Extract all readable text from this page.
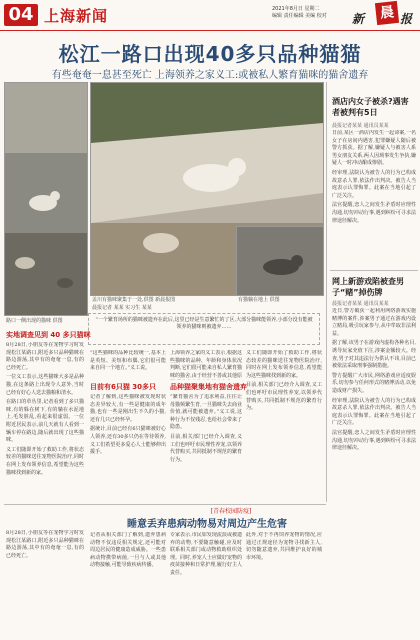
04 上海新闻	2021年8月日 星期二
编辑 责任编辑 美编 校对	新	晨 报
松江一路口出现40多只品种猫猫
有些奄奄一息甚至死亡 上海领养之家义工:或被私人繁育猫咪的猫舍遗弃
路口一侧出现的猫咪 供图
盖川有猫咪聚集于一处,供图 新晨报图
晨报记者 某某 实习生 某某
有猫躺在地上 供图
“一个繁育场所的猫咪被遗弃在此后,这里已经是生意繁忙的了区,大部分猫咪能领养,小部分没有能被领养的猫咪则被遗弃……
实地调查见到 40 多只猫咪

8月28日,小朋友等在宠物学习时发现松江某路口,附近多只品种猫咪在路边游荡,其中有的奄奄一息,有的已经死亡。

一位义工表示,这些猫咪大多是品种猫,在这条路上出现令人意外,当时已经有好心人送去猫粮和清水。

在路口的草丛里,记者看到了多只猫咪,有的躲在树下,有的躺在水泥地上,毛发脏乱,看起来很虚弱。一位附近居民表示,前几天就有人看到一辆车停在路边,随后就出现了这些猫咪。

义工们随即开始了救助工作,将状态较差的猫咪送往宠物医院治疗,同时在网上发布领养信息,希望能为这些猫咪找到新的家。

“这些猫咪的品种比较统一,基本上是英短、美短和布偶,它们很可能来自同一个地方。”义工说。

目前有6只猫 30多只

记者了解到,这些猫咪被发现时状态差异较大,有一些是健康的成年猫,也有一些是刚出生不久的小猫,还有几只已经怀孕。

据统计,目前已经有6只猫咪被好心人领养,还有30多只仍在等待领养,义工们希望更多爱心人士能够伸出援手。

上海领养之家的义工表示,根据这些猫咪的品种、年龄和身体状况判断,它们很可能来自私人繁育猫咪的猫舍,由于经营不善或其他原

品种猫聚集地有猫舍遗弃

“繁育猫舍为了追求利益,往往让母猫频繁生育,一旦猫咪失去商业价值,就可能被遗弃。”义工说,这种行为不仅残忍,也给社会带来了隐患。

目前,相关部门已经介入调查,义工们也呼吁市民理性养宠,以领养代替购买,共同抵制不规范的繁育行为。

义工们随即开始了救助工作,将状态较差的猫咪送往宠物医院治疗,同时在网上发布领养信息,希望能为这些猫咪找到新的家。

目前,相关部门已经介入调查,义工们也呼吁市民理性养宠,以领养代替购买,共同抵制不规范的繁育行为。

酒店内女子被杀?遇害者被判有5日
晨报记者某某 通讯员某某

日前,某区一酒店内发生一起命案,一名女子在房间内遇害,犯罪嫌疑人随后被警方抓获。据了解,嫌疑人与被害人系男女朋友关系,两人因琐事发生争执,嫌疑人一时冲动酿成惨剧。

经审理,法院认为被告人的行为已构成故意杀人罪,依法作出判决。被告人当庭表示认罪悔罪。此案在当地引起了广泛关注。

法官提醒,恋人之间发生矛盾时应理性沟通,切勿冲动行事,遇到纠纷可寻求法律途径解决。

网上新游戏陷被查男子“赌”掉伤牌
晨报记者某某 通讯员某某

近日,警方破获一起利用网络游戏实施赌博的案件,涉案男子通过在游戏内设立赌局,吸引玩家参与,从中牟取非法利益。

据了解,该男子在游戏内虚构各种名目,诱导玩家充值下注,涉案金额较大。经查,男子对其违法行为供认不讳,目前已被依法采取刑事强制措施。

警方提醒广大市民,网络游戏应适度娱乐,切勿参与任何形式的赌博活动,以免造成财产损失。

经审理,法院认为被告人的行为已构成故意杀人罪,依法作出判决。被告人当庭表示认罪悔罪。此案在当地引起了广泛关注。

法官提醒,恋人之间发生矛盾时应理性沟通,切勿冲动行事,遇到纠纷可寻求法律途径解决。

[青春校园防疫]
睡意丢弃患病动物易对周边产生危害

8月28日,小朋友等在宠物学习时发现松江某路口,附近多只品种猫咪在路边游荡,其中有的奄奄一息,有的已经死亡。

记者从相关部门了解到,遗弃患病动物不仅违反相关规定,还可能对周边居民的健康造成威胁。一些患病动物携带病菌,一旦与人或其他动物接触,可能导致疾病传播。

专家表示,市民如发现流浪或被遗弃的动物,不要随意触碰,应及时联系相关部门或动物救助组织处理。同时,养宠人士应做好宠物的疫苗接种和日常护理,履行好主人责任。

此外,对于不再饲养宠物的情况,应通过正规途径为宠物寻找新主人,切勿随意遗弃,共同维护良好的城市环境。
